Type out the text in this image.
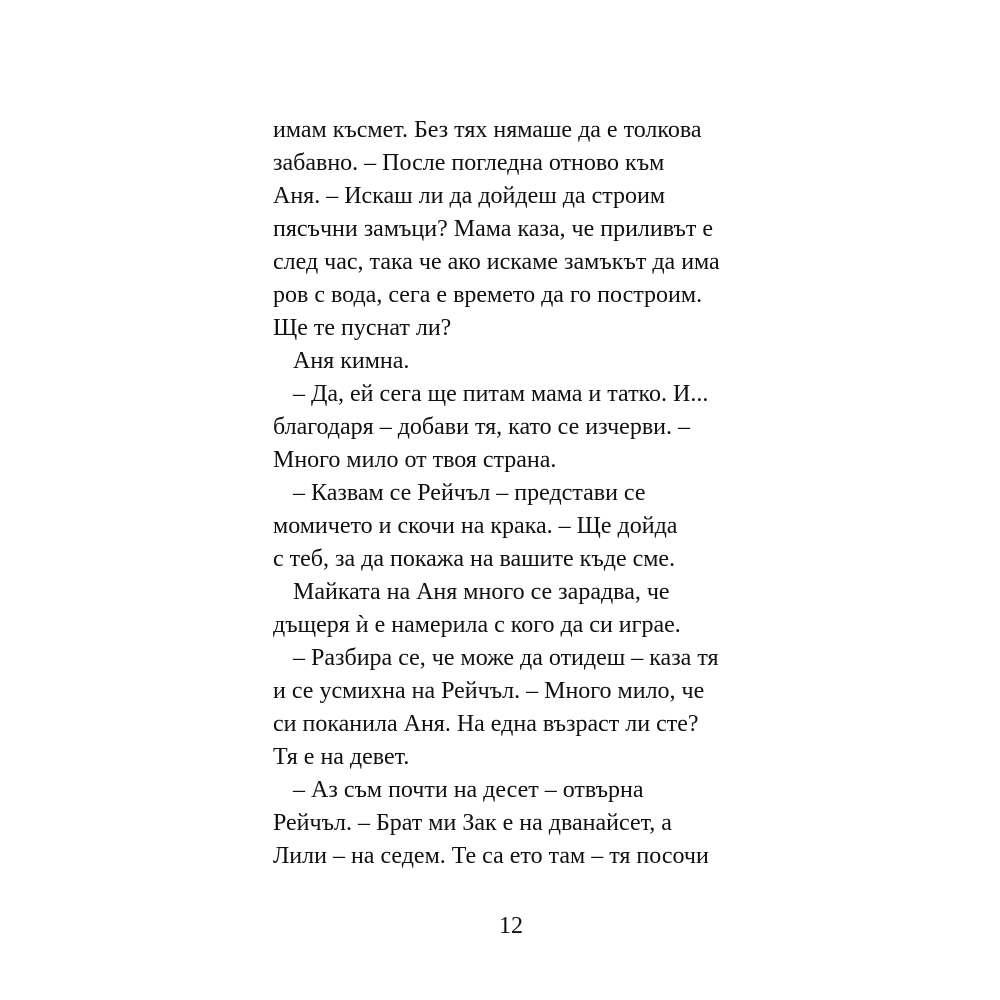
имам късмет. Без тях нямаше да е толкова
забавно. – После погледна отново към
Аня. – Искаш ли да дойдеш да строим
пясъчни замъци? Мама каза, че приливът е
след час, така че ако искаме замъкът да има
ров с вода, сега е времето да го построим.
Ще те пуснат ли?
Аня кимна.
– Да, ей сега ще питам мама и татко. И...
благодаря – добави тя, като се изчерви. –
Много мило от твоя страна.
– Казвам се Рейчъл – представи се
момичето и скочи на крака. – Ще дойда
с теб, за да покажа на вашите къде сме.
Майката на Аня много се зарадва, че
дъщеря ѝ е намерила с кого да си играе.
– Разбира се, че може да отидеш – каза тя
и се усмихна на Рейчъл. – Много мило, че
си поканила Аня. На една възраст ли сте?
Тя е на девет.
– Аз съм почти на десет – отвърна
Рейчъл. – Брат ми Зак е на дванайсет, а
Лили – на седем. Те са ето там – тя посочи
12
